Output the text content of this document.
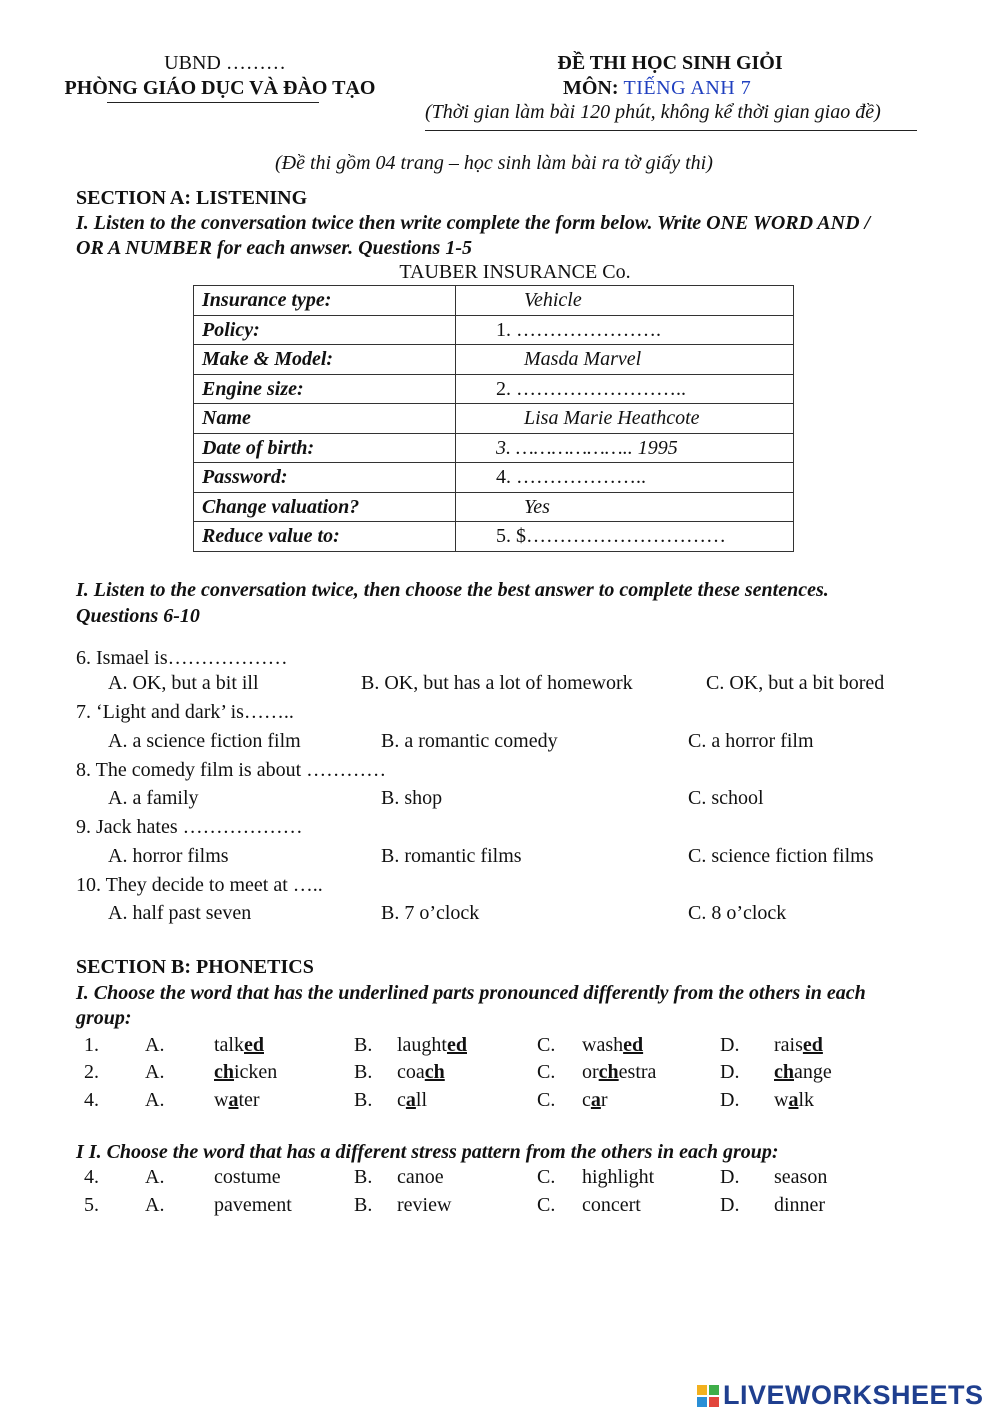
UBND ………
PHÒNG GIÁO DỤC VÀ ĐÀO TẠO
ĐỀ THI HỌC SINH GIỎI
MÔN: TIẾNG ANH 7
(Thời gian làm bài 120 phút, không kể thời gian giao đề)
(Đề thi gồm 04 trang – học sinh làm bài ra tờ giấy thi)
SECTION A: LISTENING
I. Listen to the conversation twice then write complete the form below. Write ONE WORD AND /
OR A NUMBER for each anwser. Questions 1-5
TAUBER INSURANCE Co.
Insurance type:	Vehicle
Policy:	1. ………………….
Make & Model:	Masda Marvel
Engine size:	2. ……………………..
Name	Lisa Marie Heathcote
Date of birth:	3. ……………….. 1995
Password:	4. ………………..
Change valuation?	Yes
Reduce value to:	5. $…………………………
I. Listen to the conversation twice, then choose the best answer to complete these sentences.
Questions 6-10
6. Ismael is………………
A. OK, but a bit ill	B. OK, but has a lot of homework	C. OK, but a bit bored
7. ‘Light and dark’ is……..
A. a science fiction film	B. a romantic comedy	C. a horror film
8. The comedy film is about …………
A. a family	B. shop	C. school
9. Jack hates ………………
A. horror films	B. romantic films	C. science fiction films
10. They decide to meet at …..
A. half past seven	B. 7 o’clock	C. 8 o’clock
SECTION B: PHONETICS
I. Choose the word that has the underlined parts pronounced differently from the others in each
group:
1. A. talked	B. laughted	C. washed	D. raised
2. A. chicken	B. coach	C. orchestra	D. change
4. A. water	B. call	C. car	D. walk
I I. Choose the word that has a different stress pattern from the others in each group:
4. A. costume	B. canoe	C. highlight	D. season
5. A. pavement	B. review	C. concert	D. dinner
LIVEWORKSHEETS
